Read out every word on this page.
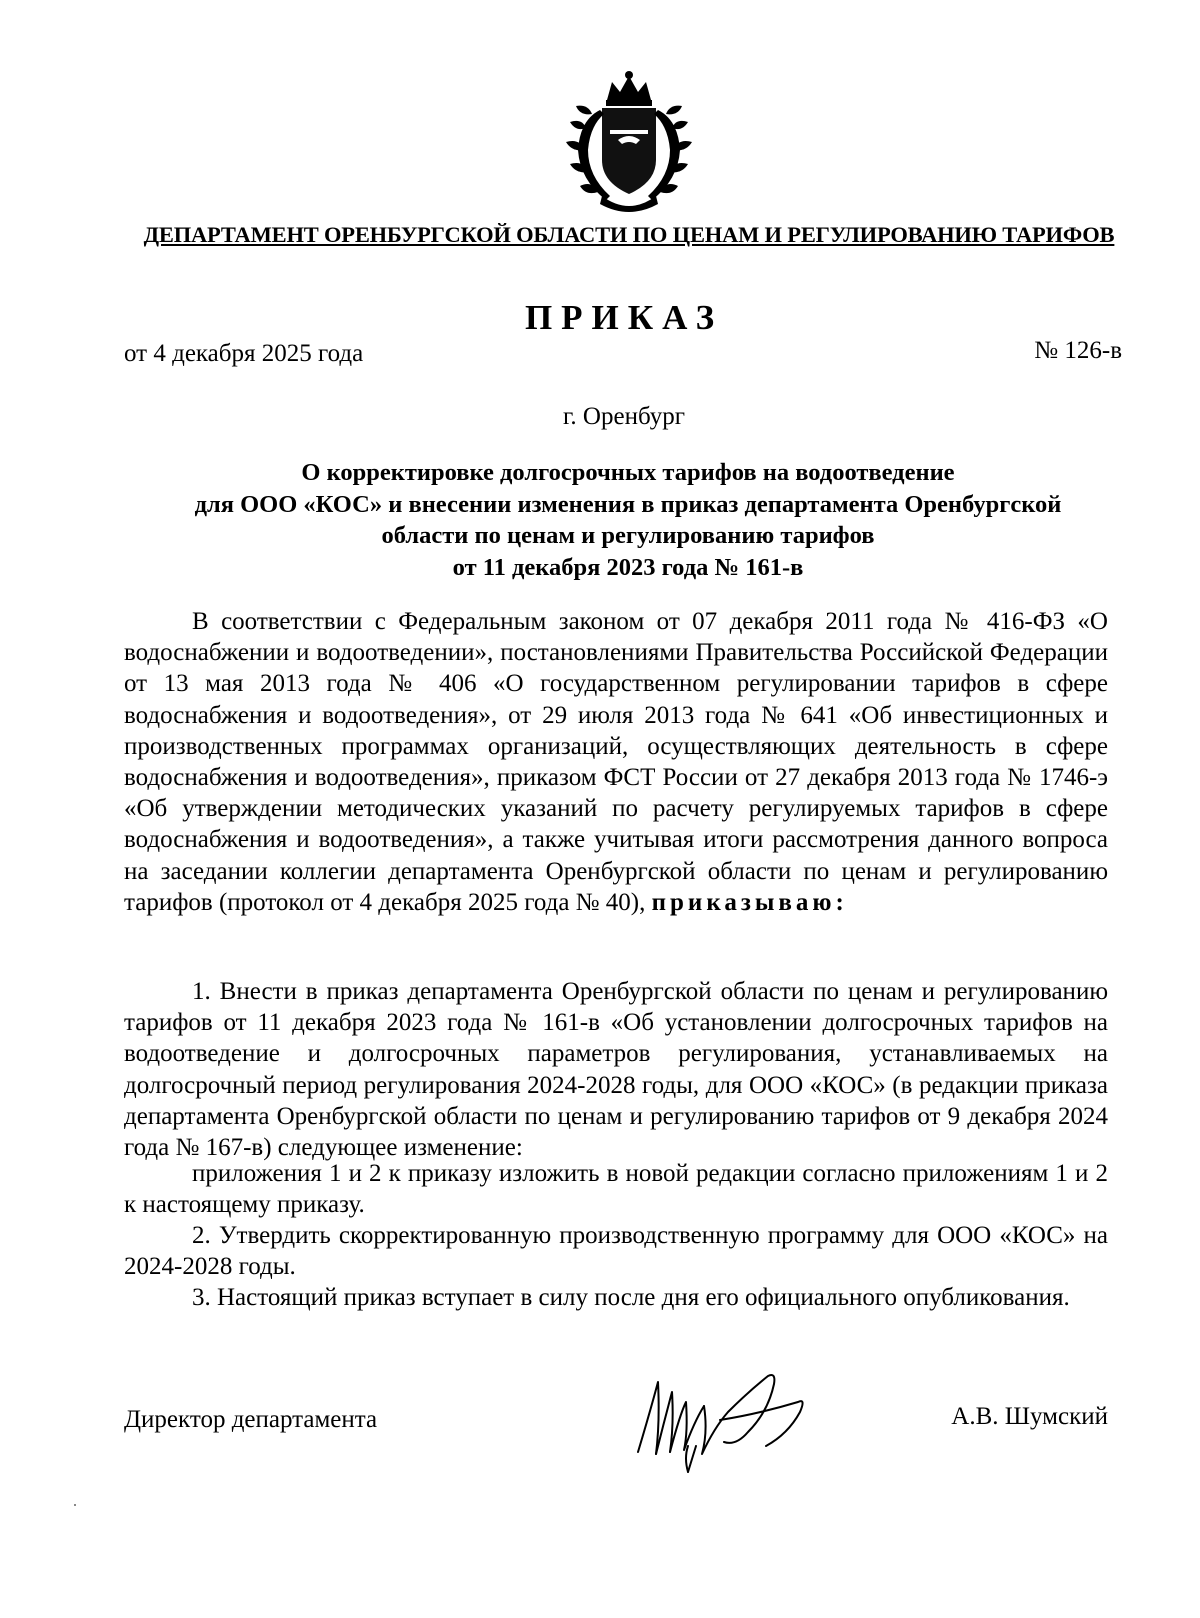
ДЕПАРТАМЕНТ ОРЕНБУРГСКОЙ ОБЛАСТИ ПО ЦЕНАМ И РЕГУЛИРОВАНИЮ ТАРИФОВ
ПРИКАЗ
от 4 декабря 2025 года	№ 126-в
г. Оренбург
О корректировке долгосрочных тарифов на водоотведение
для ООО «КОС» и внесении изменения в приказ департамента Оренбургской
области по ценам и регулированию тарифов
от 11 декабря 2023 года № 161-в
В соответствии с Федеральным законом от 07 декабря 2011 года № 416-ФЗ «О водоснабжении и водоотведении», постановлениями Правительства Российской Федерации от 13 мая 2013 года № 406 «О государственном регулировании тарифов в сфере водоснабжения и водоотведения», от 29 июля 2013 года № 641 «Об инвестиционных и производственных программах организаций, осуществляющих деятельность в сфере водоснабжения и водоотведения», приказом ФСТ России от 27 декабря 2013 года № 1746-э «Об утверждении методических указаний по расчету регулируемых тарифов в сфере водоснабжения и водоотведения», а также учитывая итоги рассмотрения данного вопроса на заседании коллегии департамента Оренбургской области по ценам и регулированию тарифов (протокол от 4 декабря 2025 года № 40), приказываю:
1. Внести в приказ департамента Оренбургской области по ценам и регулированию тарифов от 11 декабря 2023 года № 161-в «Об установлении долгосрочных тарифов на водоотведение и долгосрочных параметров регулирования, устанавливаемых на долгосрочный период регулирования 2024-2028 годы, для ООО «КОС» (в редакции приказа департамента Оренбургской области по ценам и регулированию тарифов от 9 декабря 2024 года № 167-в) следующее изменение:
приложения 1 и 2 к приказу изложить в новой редакции согласно приложениям 1 и 2 к настоящему приказу.
2. Утвердить скорректированную производственную программу для ООО «КОС» на 2024-2028 годы.
3. Настоящий приказ вступает в силу после дня его официального опубликования.
Директор департамента	А.В. Шумский
